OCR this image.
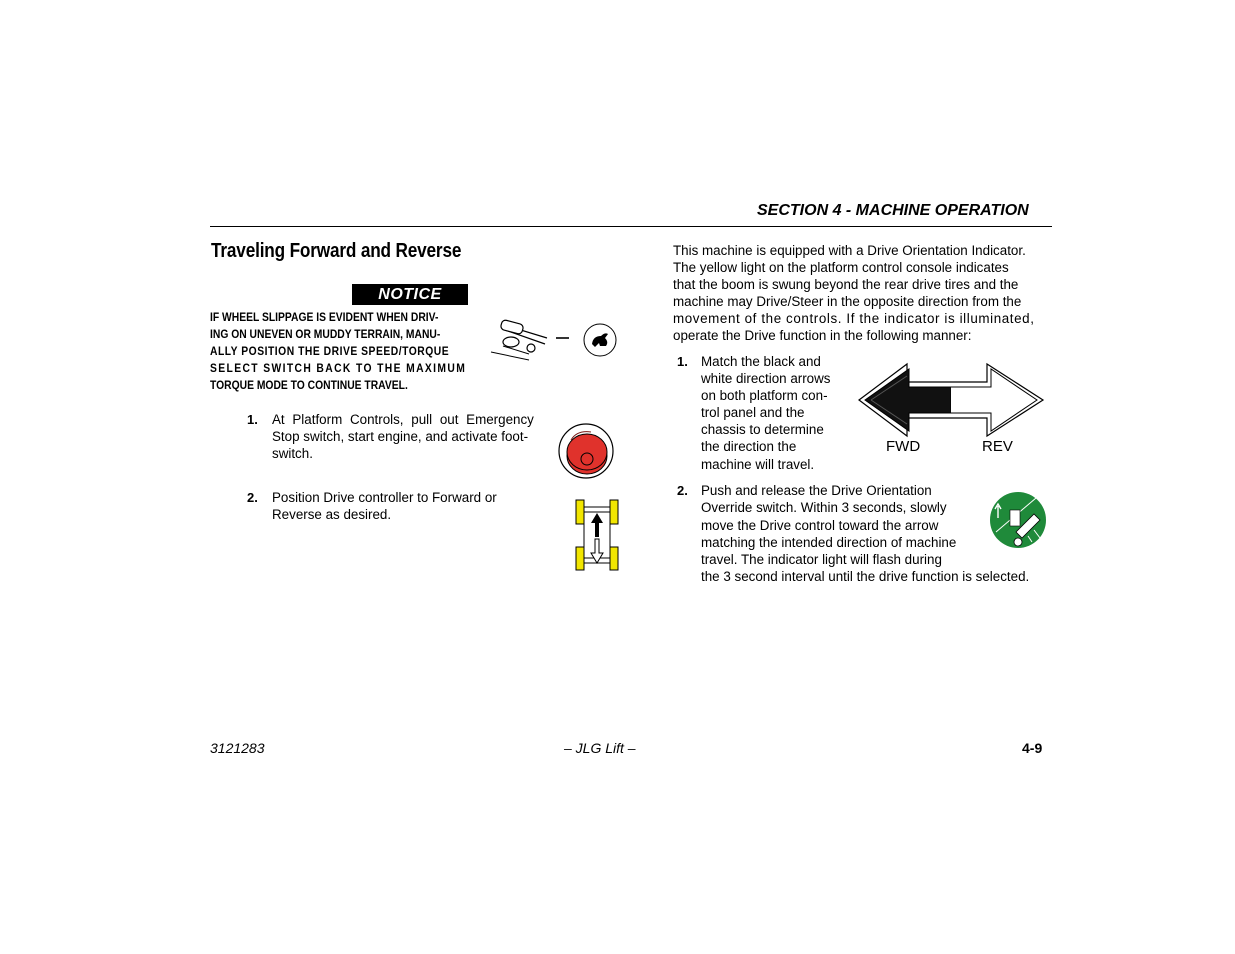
SECTION 4 - MACHINE OPERATION
Traveling Forward and Reverse
NOTICE
IF WHEEL SLIPPAGE IS EVIDENT WHEN DRIV-
ING ON UNEVEN OR MUDDY TERRAIN, MANU-
ALLY POSITION THE DRIVE SPEED/TORQUE
SELECT SWITCH BACK TO THE MAXIMUM
TORQUE MODE TO CONTINUE TRAVEL.
1. At Platform Controls, pull out Emergency
Stop switch, start engine, and activate foot-
switch.
2. Position Drive controller to Forward or
Reverse as desired.
This machine is equipped with a Drive Orientation Indicator.
The yellow light on the platform control console indicates
that the boom is swung beyond the rear drive tires and the
machine may Drive/Steer in the opposite direction from the
movement of the controls. If the indicator is illuminated,
operate the Drive function in the following manner:
1. Match the black and
white direction arrows
on both platform con-
trol panel and the
chassis to determine
the direction the
machine will travel.
FWD	REV
2. Push and release the Drive Orientation
Override switch. Within 3 seconds, slowly
move the Drive control toward the arrow
matching the intended direction of machine
travel. The indicator light will flash during
the 3 second interval until the drive function is selected.
3121283	– JLG Lift –	4-9
